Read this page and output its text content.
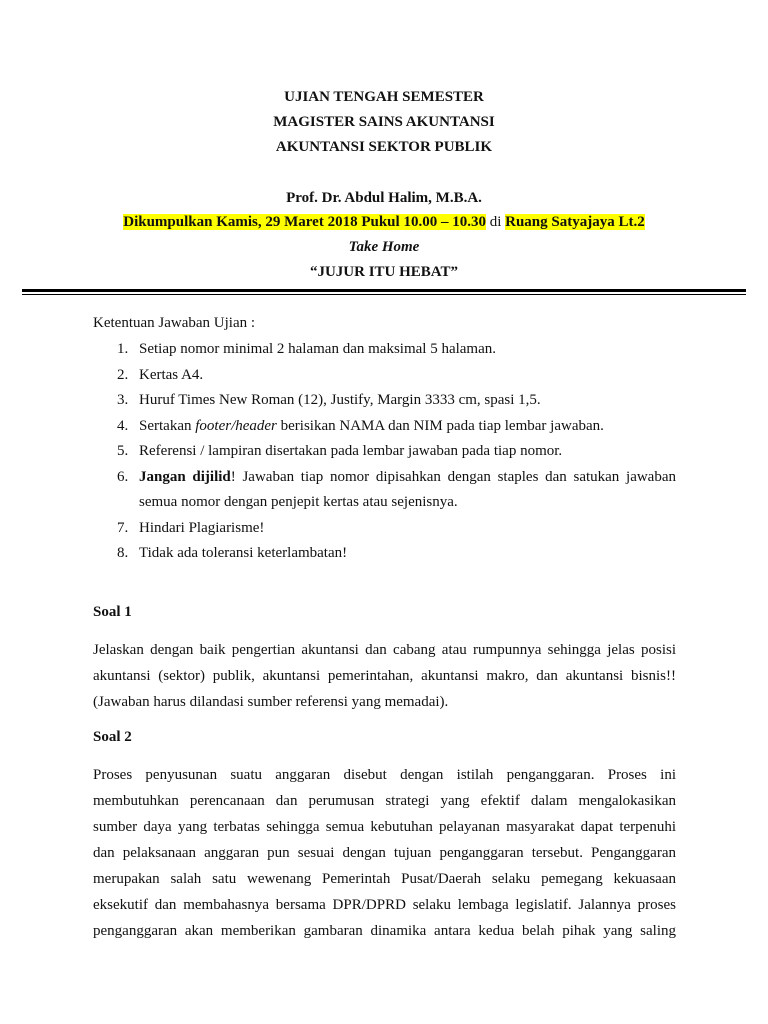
UJIAN TENGAH SEMESTER
MAGISTER SAINS AKUNTANSI
AKUNTANSI SEKTOR PUBLIK
Prof. Dr. Abdul Halim, M.B.A.
Dikumpulkan Kamis, 29 Maret 2018 Pukul 10.00 – 10.30 di Ruang Satyajaya Lt.2
Take Home
“JUJUR ITU HEBAT”
Ketentuan Jawaban Ujian :
1. Setiap nomor minimal 2 halaman dan maksimal 5 halaman.
2. Kertas A4.
3. Huruf Times New Roman (12), Justify, Margin 3333 cm, spasi 1,5.
4. Sertakan footer/header berisikan NAMA dan NIM pada tiap lembar jawaban.
5. Referensi / lampiran disertakan pada lembar jawaban pada tiap nomor.
6. Jangan dijilid! Jawaban tiap nomor dipisahkan dengan staples dan satukan jawaban
semua nomor dengan penjepit kertas atau sejenisnya.
7. Hindari Plagiarisme!
8. Tidak ada toleransi keterlambatan!
Soal 1
Jelaskan dengan baik pengertian akuntansi dan cabang atau rumpunnya sehingga jelas posisi
akuntansi (sektor) publik, akuntansi pemerintahan, akuntansi makro, dan akuntansi bisnis!!
(Jawaban harus dilandasi sumber referensi yang memadai).
Soal 2
Proses penyusunan suatu anggaran disebut dengan istilah penganggaran. Proses ini
membutuhkan perencanaan dan perumusan strategi yang efektif dalam mengalokasikan
sumber daya yang terbatas sehingga semua kebutuhan pelayanan masyarakat dapat terpenuhi
dan pelaksanaan anggaran pun sesuai dengan tujuan penganggaran tersebut. Penganggaran
merupakan salah satu wewenang Pemerintah Pusat/Daerah selaku pemegang kekuasaan
eksekutif dan membahasnya bersama DPR/DPRD selaku lembaga legislatif. Jalannya proses
penganggaran akan memberikan gambaran dinamika antara kedua belah pihak yang saling
